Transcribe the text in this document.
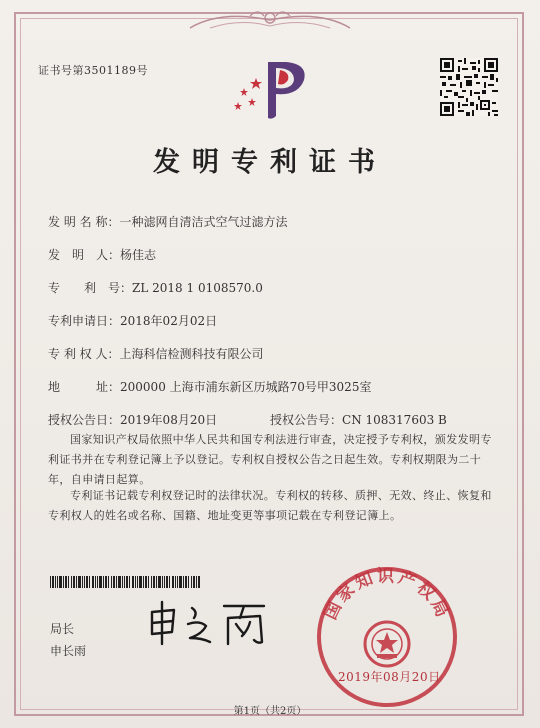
证书号第3501189号
发明专利证书
发 明 名 称：一种滤网自清洁式空气过滤方法
发　明　人：杨佳志
专　　利　号：ZL 2018 1 0108570.0
专利申请日：2018年02月02日
专 利 权 人：上海科信检测科技有限公司
地　　　址：200000 上海市浦东新区历城路70号甲3025室
授权公告日：2019年08月20日	授权公告号：CN 108317603 B
国家知识产权局依照中华人民共和国专利法进行审查，决定授予专利权，颁发发明专利证书并在专利登记簿上予以登记。专利权自授权公告之日起生效。专利权期限为二十年，自申请日起算。
专利证书记载专利权登记时的法律状况。专利权的转移、质押、无效、终止、恢复和专利权人的姓名或名称、国籍、地址变更等事项记载在专利登记簿上。
局长
申长雨
国家知识产权局
2019年08月20日
第1页（共2页）
